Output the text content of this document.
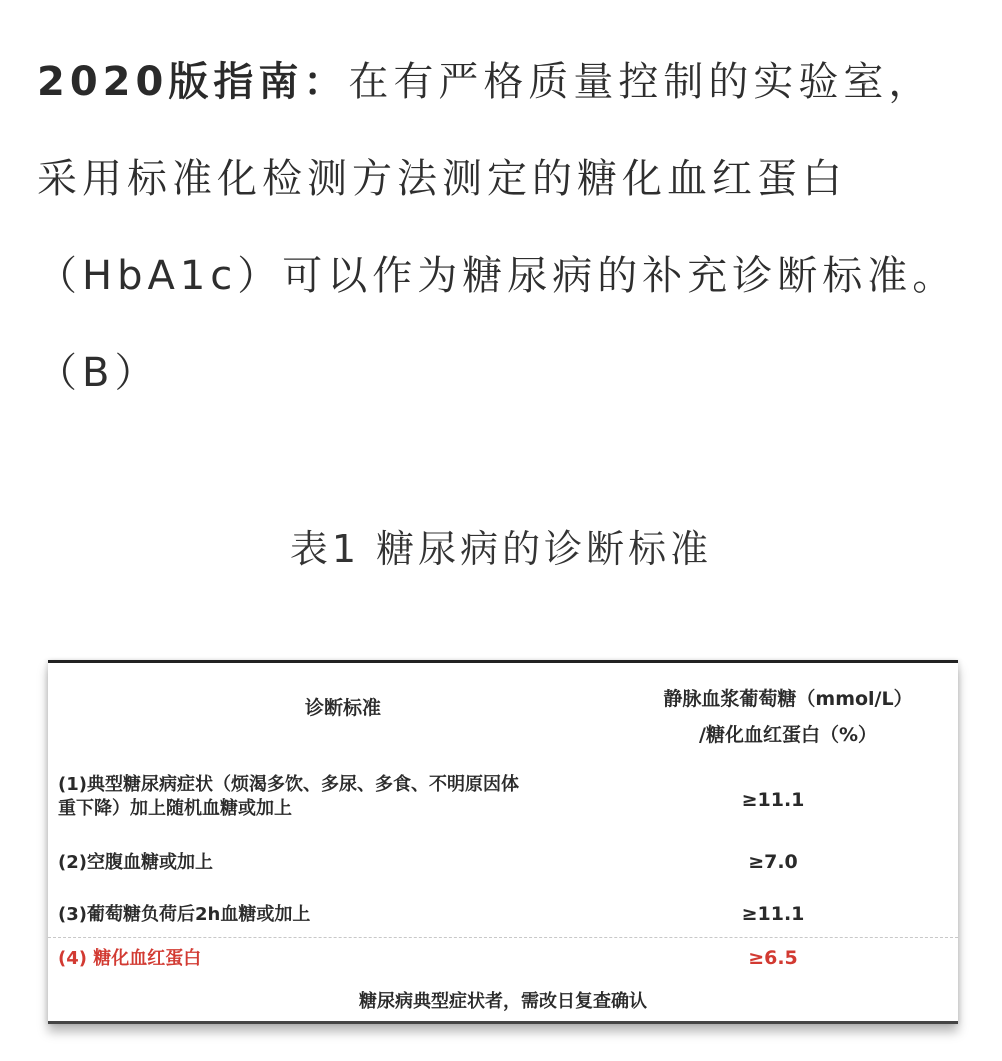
2020版指南：在有严格质量控制的实验室，采用标准化检测方法测定的糖化血红蛋白（HbA1c）可以作为糖尿病的补充诊断标准。（B）
表1 糖尿病的诊断标准
诊断标准	静脉血浆葡萄糖（mmol/L）
/糖化血红蛋白（%）
(1)典型糖尿病症状（烦渴多饮、多尿、多食、不明原因体
重下降）加上随机血糖或加上	≥11.1
(2)空腹血糖或加上	≥7.0
(3)葡萄糖负荷后2h血糖或加上	≥11.1
(4) 糖化血红蛋白	≥6.5
糖尿病典型症状者，需改日复查确认
